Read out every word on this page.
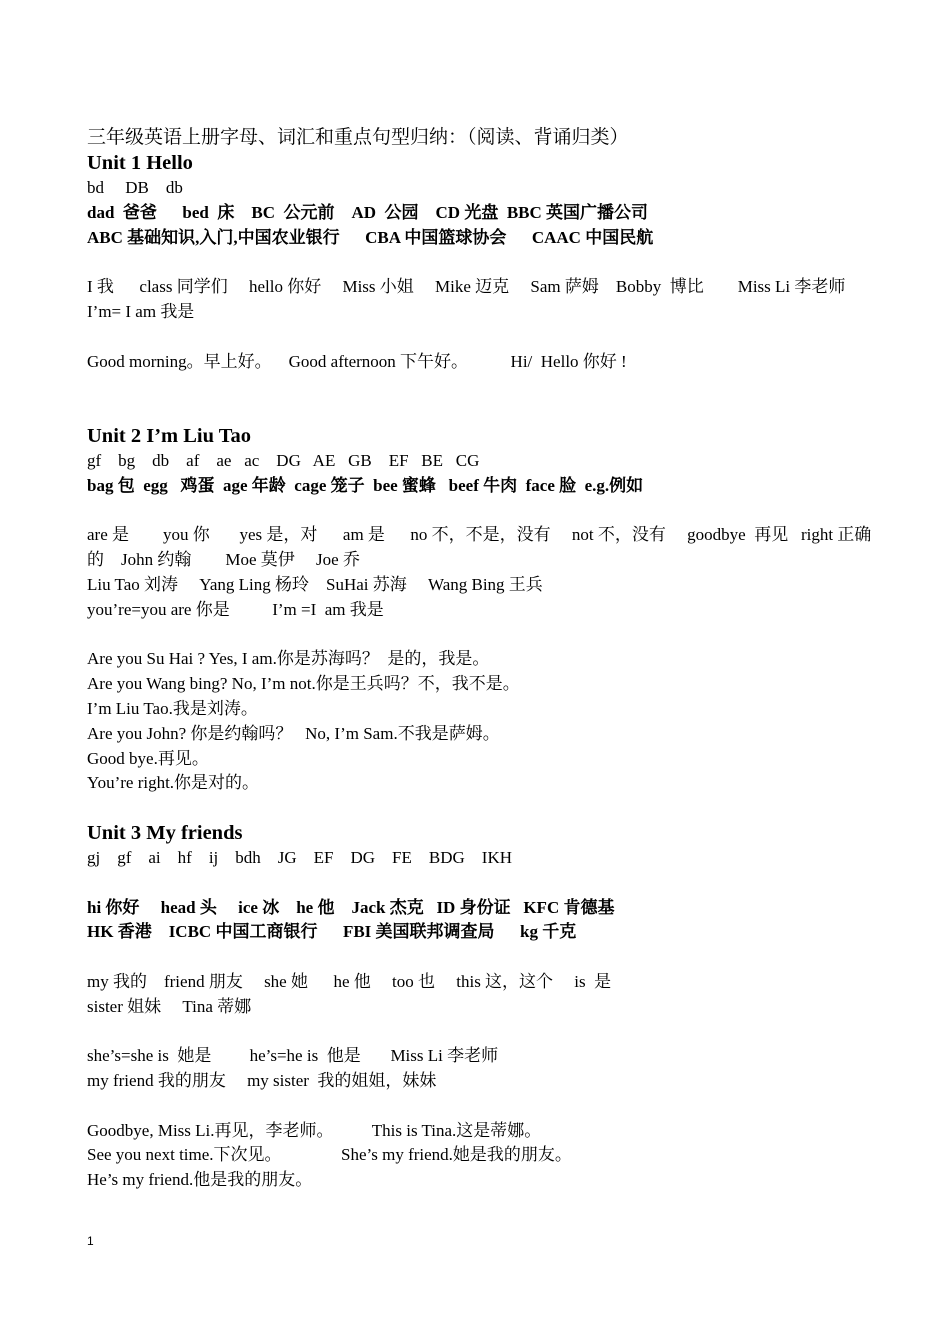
三年级英语上册字母、词汇和重点句型归纳：（阅读、背诵归类）

Unit 1 Hello

bd     DB    db

dad  爸爸      bed  床    BC  公元前    AD  公园    CD 光盘  BBC 英国广播公司

ABC 基础知识,入门,中国农业银行      CBA 中国篮球协会      CAAC 中国民航

I 我      class 同学们     hello 你好     Miss 小姐     Mike 迈克     Sam 萨姆    Bobby  博比        Miss Li 李老师       I’m= I am 我是

Good morning。早上好。    Good afternoon 下午好。          Hi/  Hello 你好 !

Unit 2 I’m Liu Tao

gf    bg    db    af    ae   ac    DG   AE   GB    EF   BE   CG

bag 包  egg   鸡蛋  age 年龄  cage 笼子  bee 蜜蜂   beef 牛肉  face 脸  e.g.例如

are 是        you 你       yes 是，对      am 是      no 不，不是，没有     not 不，没有     goodbye  再见   right 正确的    John 约翰        Moe 莫伊     Joe 乔

Liu Tao 刘涛     Yang Ling 杨玲    SuHai 苏海     Wang Bing 王兵

you’re=you are 你是          I’m =I  am 我是

Are you Su Hai ? Yes, I am.你是苏海吗？  是的，我是。

Are you Wang bing? No, I’m not.你是王兵吗？不，我不是。

I’m Liu Tao.我是刘涛。

Are you John? 你是约翰吗？   No, I’m Sam.不我是萨姆。

Good bye.再见。

You’re right.你是对的。

Unit 3 My friends

gj    gf    ai    hf    ij    bdh    JG    EF    DG    FE    BDG    IKH

hi 你好     head 头     ice 冰    he 他    Jack 杰克   ID 身份证   KFC 肯德基

HK 香港    ICBC 中国工商银行      FBI 美国联邦调查局      kg 千克

my 我的    friend 朋友     she 她      he 他     too 也     this 这，这个     is  是

sister 姐妹     Tina 蒂娜

she’s=she is  她是         he’s=he is  他是       Miss Li 李老师

my friend 我的朋友     my sister  我的姐姐，妹妹

Goodbye, Miss Li.再见，李老师。         This is Tina.这是蒂娜。

See you next time.下次见。              She’s my friend.她是我的朋友。

He’s my friend.他是我的朋友。

1
